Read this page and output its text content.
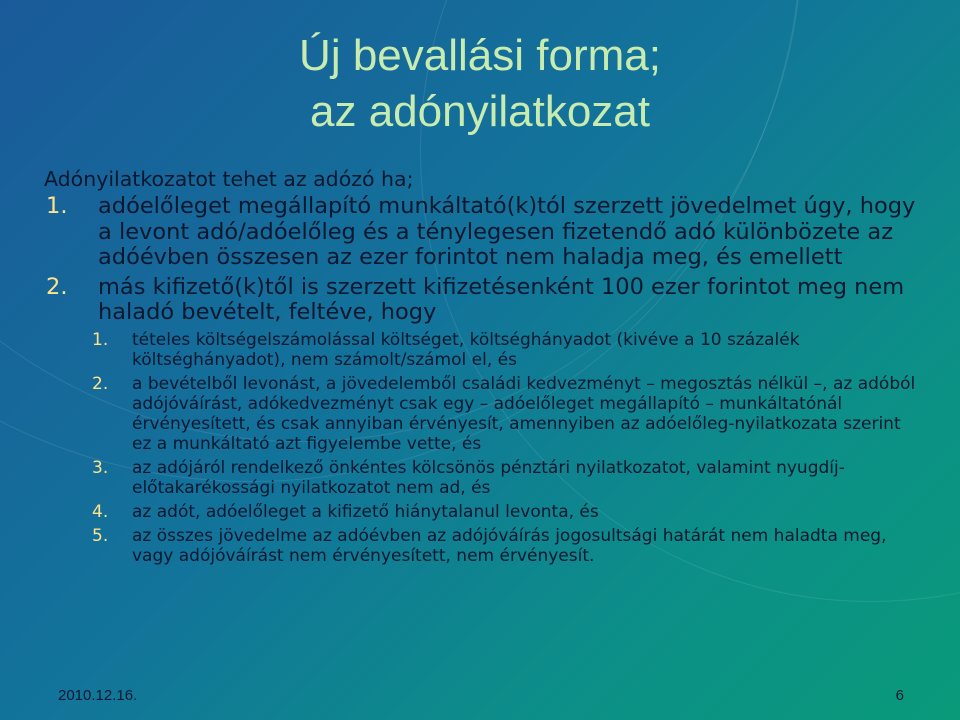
Új bevallási forma;
az adónyilatkozat
Adónyilatkozatot tehet az adózó ha;
1. adóelőleget megállapító munkáltató(k)tól szerzett jövedelmet úgy, hogy a levont adó/adóelőleg és a ténylegesen fizetendő adó különbözete az adóévben összesen az ezer forintot nem haladja meg, és emellett
2. más kifizető(k)től is szerzett kifizetésenként 100 ezer forintot meg nem haladó bevételt, feltéve, hogy
1. tételes költségelszámolással költséget, költséghányadot (kivéve a 10 százalék költséghányadot), nem számolt/számol el, és
2. a bevételből levonást, a jövedelemből családi kedvezményt – megosztás nélkül –, az adóból adójóváírást, adókedvezményt csak egy – adóelőleget megállapító – munkáltatónál érvényesített, és csak annyiban érvényesít, amennyiben az adóelőleg-nyilatkozata szerint ez a munkáltató azt figyelembe vette, és
3. az adójáról rendelkező önkéntes kölcsönös pénztári nyilatkozatot, valamint nyugdíj-előtakarékossági nyilatkozatot nem ad, és
4. az adót, adóelőleget a kifizető hiánytalanul levonta, és
5. az összes jövedelme az adóévben az adójóváírás jogosultsági határát nem haladta meg, vagy adójóváírást nem érvényesített, nem érvényesít.
2010.12.16.	6
